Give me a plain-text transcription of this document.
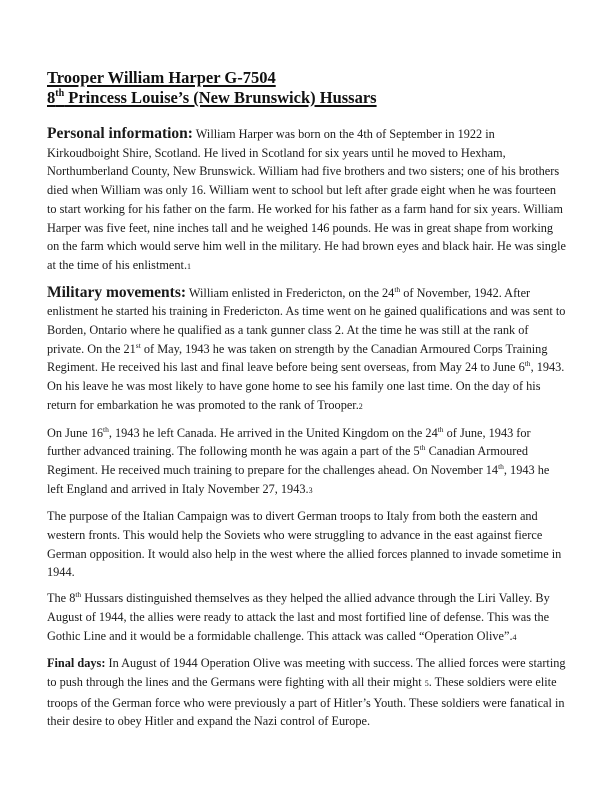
Trooper William Harper G-7504
8th Princess Louise’s (New Brunswick) Hussars

Personal information: William Harper was born on the 4th of September in 1922 in Kirkoudboight Shire, Scotland. He lived in Scotland for six years until he moved to Hexham, Northumberland County, New Brunswick. William had five brothers and two sisters; one of his brothers died when William was only 16. William went to school but left after grade eight when he was fourteen to start working for his father on the farm. He worked for his father as a farm hand for six years. William Harper was five feet, nine inches tall and he weighed 146 pounds. He was in great shape from working on the farm which would serve him well in the military. He had brown eyes and black hair. He was single at the time of his enlistment.1

Military movements: William enlisted in Fredericton, on the 24th of November, 1942. After enlistment he started his training in Fredericton. As time went on he gained qualifications and was sent to Borden, Ontario where he qualified as a tank gunner class 2. At the time he was still at the rank of private. On the 21st of May, 1943 he was taken on strength by the Canadian Armoured Corps Training Regiment. He received his last and final leave before being sent overseas, from May 24 to June 6th, 1943. On his leave he was most likely to have gone home to see his family one last time. On the day of his return for embarkation he was promoted to the rank of Trooper.2

On June 16th, 1943 he left Canada. He arrived in the United Kingdom on the 24th of June, 1943 for further advanced training. The following month he was again a part of the 5th Canadian Armoured Regiment. He received much training to prepare for the challenges ahead. On November 14th, 1943 he left England and arrived in Italy November 27, 1943.3

The purpose of the Italian Campaign was to divert German troops to Italy from both the eastern and western fronts. This would help the Soviets who were struggling to advance in the east against fierce German opposition. It would also help in the west where the allied forces planned to invade sometime in 1944.

The 8th Hussars distinguished themselves as they helped the allied advance through the Liri Valley. By August of 1944, the allies were ready to attack the last and most fortified line of defense. This was the Gothic Line and it would be a formidable challenge. This attack was called “Operation Olive”.4

Final days: In August of 1944 Operation Olive was meeting with success. The allied forces were starting to push through the lines and the Germans were fighting with all their might 5. These soldiers were elite troops of the German force who were previously a part of Hitler’s Youth. These soldiers were fanatical in their desire to obey Hitler and expand the Nazi control of Europe.
